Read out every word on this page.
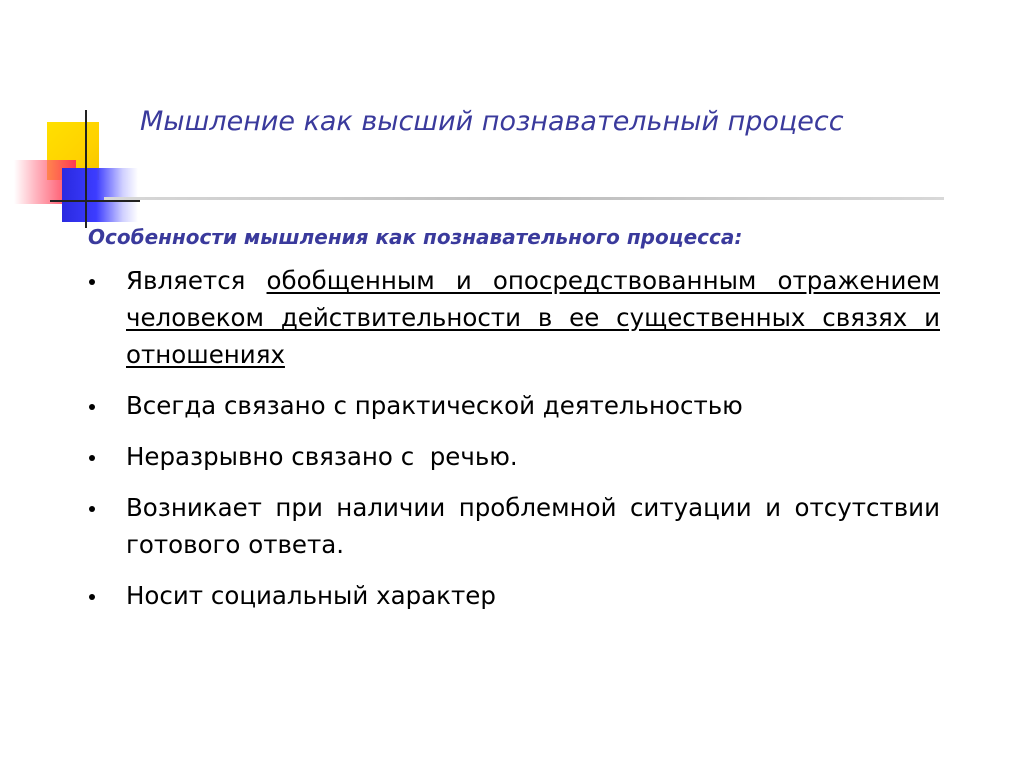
Мышление как высший познавательный процесс

Особенности мышления как познавательного процесса:

Является обобщенным и опосредствованным отражением человеком действительности в ее существенных связях и отношениях
Всегда связано с практической деятельностью
Неразрывно связано с  речью.
Возникает при наличии проблемной ситуации и отсутствии готового ответа.
Носит социальный характер
